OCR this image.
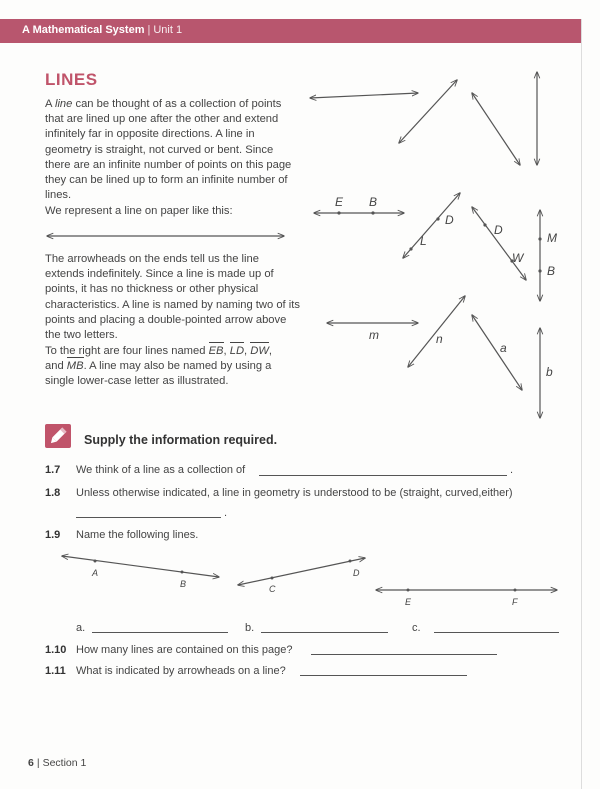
A Mathematical System | Unit 1
LINES

A line can be thought of as a collection of points that are lined up one after the other and extend infinitely far in opposite directions. A line in geometry is straight, not curved or bent. Since there are an infinite number of points on this page they can be lined up to form an infinite number of lines.

We represent a line on paper like this:

The arrowheads on the ends tell us the line extends indefinitely. Since a line is made up of points, it has no thickness or other physical characteristics. A line is named by naming two of its points and placing a double-pointed arrow above the two letters.

To the right are four lines named EB
, LD
, DW
,
and MB
. A line may also be named by using a single lower-case letter as illustrated.

E B
D
L
D
W
M
B
m	n
a
b
A
B	C
D
E	F
Supply the information required.
1.7 We think of a line as a collection of	.
1.8 Unless otherwise indicated, a line in geometry is understood to be (straight, curved,either)
.
1.9 Name the following lines.
a.	b.	c.
1.10 How many lines are contained on this page?
1.11 What is indicated by arrowheads on a line?
6 | Section 1
